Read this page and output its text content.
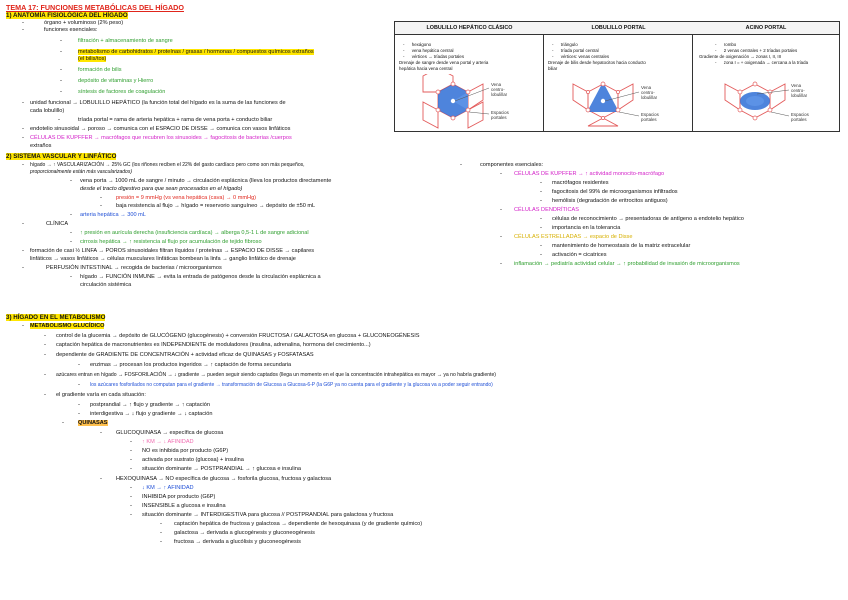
TEMA 17: FUNCIONES METABÓLICAS DEL HÍGADO
1) ANATOMÍA FISIOLÓGICA DEL HÍGADO
-	órgano + voluminoso (2% peso)
-	funciones esenciales:
-	filtración + almacenamiento de sangre
-	metabolismo de carbohidratos / proteínas / grasas / hormonas / compuestos químicos extraños
(el bilis/tos)
-	formación de bilis
-	depósito de vitaminas y Hierro
-	síntesis de factores de coagulación
- unidad funcional → LOBULILLO HEPÁTICO (la función total del hígado es la suma de las funciones de
cada lobulillo)
-	tríada portal = rama de arteria hepática + rama de vena porta + conducto biliar
- endotelio sinusoidal → poroso → comunica con el ESPACIO DE DISSE → comunica con vasos linfáticos
- CÉLULAS DE KUPFFER → macrófagos que recubren los sinusoides → fagocitosis de bacterias /cuerpos
extraños
2) SISTEMA VASCULAR Y LINFÁTICO
- hígado → ↑ VASCULARIZACIÓN → 25% GC (los riñones reciben el 22% del gasto cardíaco pero como son más pequeños,
proporcionalmente están más vascularizados)
- vena porta → 1000 mL de sangre / minuto → circulación esplácnica (lleva los productos directamente
desde el tracto digestivo para que sean procesados en el hígado)
-	presión = 9 mmHg (vs vena hepática (cava) → 0 mmHg)
-	baja resistencia al flujo → hígado = reservorio sanguíneo → depósito de ±50 mL
- arteria hepática → 300 mL
-	CLÍNICA
- ↑ presión en aurícula derecha (insuficiencia cardíaca) → alberga 0,5-1 L de sangre adicional
- cirrosis hepática → ↑ resistencia al flujo por acumulación de tejido fibroso
- formación de casi ½ LINFA → POROS sinusoidales filtran líquidos / proteínas → ESPACIO DE DISSE → capilares
linfáticos → vasos linfáticos → células musculares linfáticas bombean la linfa → ganglio linfático de drenaje
-	PERFUSIÓN INTESTINAL → recogida de bacterias / microorganismos
- hígado → FUNCIÓN INMUNE → evita la entrada de patógenos desde la circulación esplácnica a
circulación sistémica
-	componentes esenciales:
- CÉLULAS DE KUPFFER → ↑ actividad monocito-macrófago
- macrófagos residentes
- fagocitosis del 99% de microorganismos infiltrados
- hemólisis (degradación de eritrocitos antiguos)
- CÉLULAS DENDRÍTICAS
- células de reconocimiento → presentadoras de antígeno a endotelio hepático
- importancia en la tolerancia
- CÉLULAS ESTRELLADAS → espacio de Disse
- mantenimiento de homeostasis de la matriz extracelular
- activación = cicatrices
- inflamación → pediatría actividad celular → ↑ probabilidad de invasión de microorganismos
LOBULILLO HEPÁTICO CLÁSICO	LOBULILLO PORTAL	ACINO PORTAL
-      hexágono
-      vena hepática central
-      vértices → tríadas portales
Drenaje de sangre desde vena portal y arteria
hepática hacia vena central
-      triángulo
-      tríada portal central
-      vértices: venas centrales
Drenaje de bilis desde hepatocitos hacia conducto
biliar
-      rombo
-      2 venas centrales + 2 tríadas portales
Gradiente de oxigenación → zonas I, II, III
-      zona I = + oxigenada → cercana a la tríada
Vena
centro-
lobulillar
Espacios
portales
Vena
centro-
lobulillar
Espacios
portales
Vena
centro-
lobulillar
Espacios
portales
3) HÍGADO EN EL METABOLISMO
- METABOLISMO GLUCÍDICO
- control de la glucemia → depósito de GLUCÓGENO (glucogénesis) + conversión FRUCTOSA / GALACTOSA en glucosa + GLUCONEOGÉNESIS
- captación hepática de macronutrientes es INDEPENDIENTE de moduladores (insulina, adrenalina, hormona del crecimiento...)
- dependiente de GRADIENTE DE CONCENTRACIÓN + actividad eficaz de QUINASAS y FOSFATASAS
- enzimas → procesan los productos ingeridos → ↑ captación de forma secundaria
- azúcares entran en hígado → FOSFORILACIÓN → ↓ gradiente → pueden seguir siendo captados (llega un momento en el que la concentración intrahepática es mayor → ya no habría gradiente)
- los azúcares fosforilados no computan para el gradiente → transformación de Glucosa a Glucosa-6-P (la G6P ya no cuenta para el gradiente y la glucosa va a poder seguir entrando)
- el gradiente varía en cada situación:
- postprandial → ↑ flujo y gradiente → ↑ captación
- interdigestiva → ↓ flujo y gradiente → ↓ captación
-	QUINASAS
-	GLUCOQUINASA → específica de glucosa
- ↑ KM → ↓ AFINIDAD
- NO es inhibida por producto (G6P)
- activada por sustrato (glucosa) + insulina
- situación dominante → POSTPRANDIAL → ↑ glucosa e insulina
-	HEXOQUINASA → NO específica de glucosa → fosforila glucosa, fructosa y galactosa
- ↓ KM → ↑ AFINIDAD
- INHIBIDA por producto (G6P)
- INSENSIBLE a glucosa e insulina
- situación dominante → INTERDIGESTIVA para glucosa // POSTPRANDIAL para galactosa y fructosa
- captación hepática de fructosa y galactosa → dependiente de hexoquinasa (y de gradiente químico)
- galactosa → derivada a glucogénesis y gluconeogénesis
- fructosa → derivada a glucólisis y gluconeogénesis
